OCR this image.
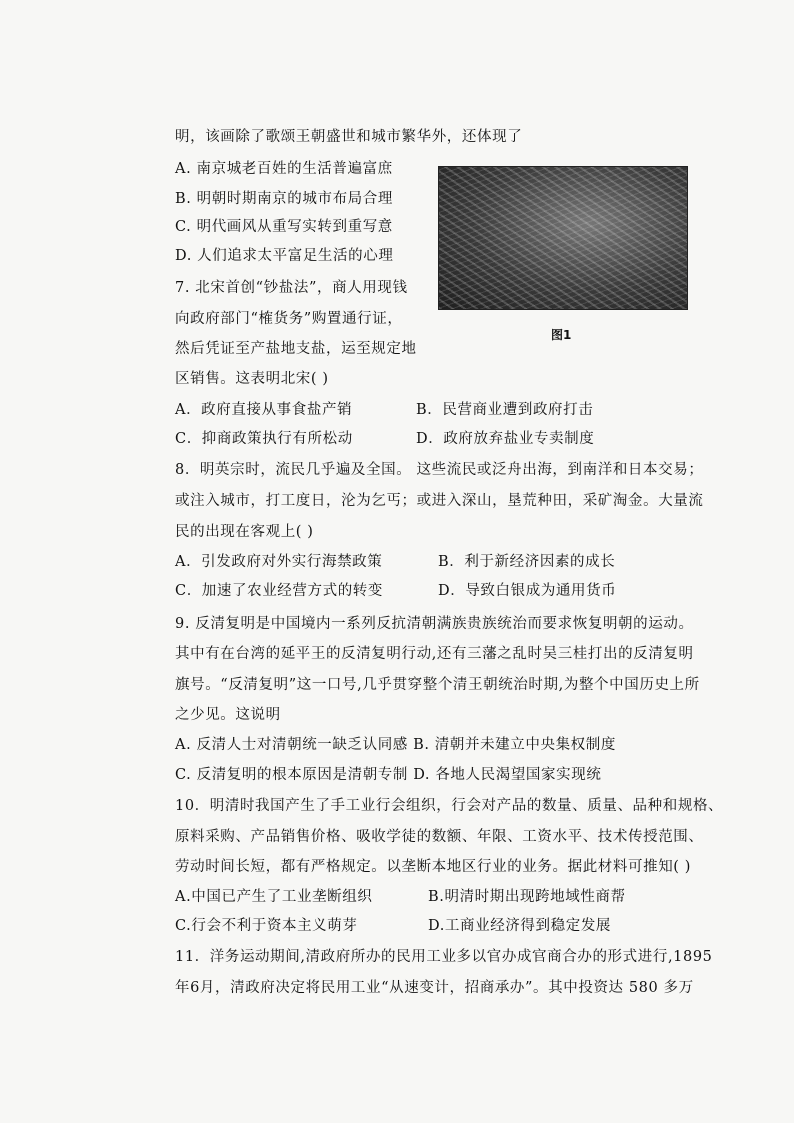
图1
明，该画除了歌颂王朝盛世和城市繁华外，还体现了
A. 南京城老百姓的生活普遍富庶
B. 明朝时期南京的城市布局合理
C. 明代画风从重写实转到重写意
D. 人们追求太平富足生活的心理
7. 北宋首创“钞盐法”，商人用现钱
向政府部门“榷货务”购置通行证，
然后凭证至产盐地支盐，运至规定地
区销售。这表明北宋( )
A．政府直接从事食盐产销	B．民营商业遭到政府打击
C．抑商政策执行有所松动	D．政府放弃盐业专卖制度
8．明英宗时，流民几乎遍及全国。 这些流民或泛舟出海，到南洋和日本交易；
或注入城市，打工度日，沦为乞丐；或进入深山，垦荒种田，采矿淘金。大量流
民的出现在客观上( )
A．引发政府对外实行海禁政策	B．利于新经济因素的成长
C．加速了农业经营方式的转变	D．导致白银成为通用货币
9. 反清复明是中国境内一系列反抗清朝满族贵族统治而要求恢复明朝的运动。
其中有在台湾的延平王的反清复明行动,还有三藩之乱时吴三桂打出的反清复明
旗号。“反清复明”这一口号,几乎贯穿整个清王朝统治时期,为整个中国历史上所
之少见。这说明
A. 反清人士对清朝统一缺乏认同感 B. 清朝并未建立中央集权制度
C. 反清复明的根本原因是清朝专制 D. 各地人民渴望国家实现统
10．明清时我国产生了手工业行会组织，行会对产品的数量、质量、品种和规格、
原料采购、产品销售价格、吸收学徒的数额、年限、工资水平、技术传授范围、
劳动时间长短，都有严格规定。以垄断本地区行业的业务。据此材料可推知( )
A.中国已产生了工业垄断组织	B.明清时期出现跨地域性商帮
C.行会不利于资本主义萌芽	D.工商业经济得到稳定发展
11．洋务运动期间,清政府所办的民用工业多以官办成官商合办的形式进行,1895
年6月，清政府决定将民用工业“从速变计，招商承办”。其中投资达 580 多万
